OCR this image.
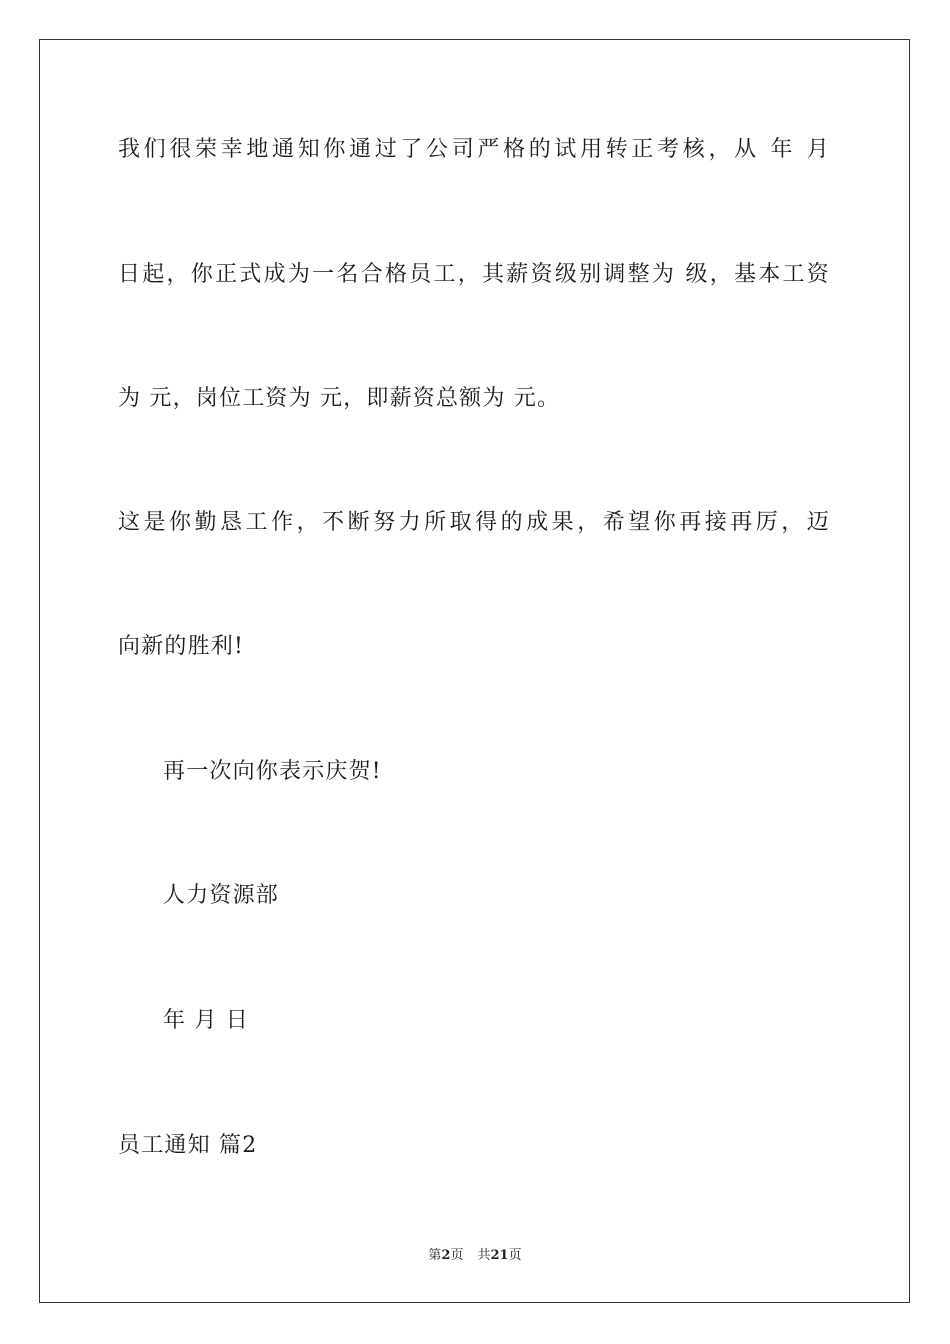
我们很荣幸地通知你通过了公司严格的试用转正考核，从 年 月
日起，你正式成为一名合格员工，其薪资级别调整为 级，基本工资
为 元，岗位工资为 元，即薪资总额为 元。
这是你勤恳工作，不断努力所取得的成果，希望你再接再厉，迈
向新的胜利!
再一次向你表示庆贺!
人力资源部
年 月 日
员工通知 篇2
第2页 共21页
